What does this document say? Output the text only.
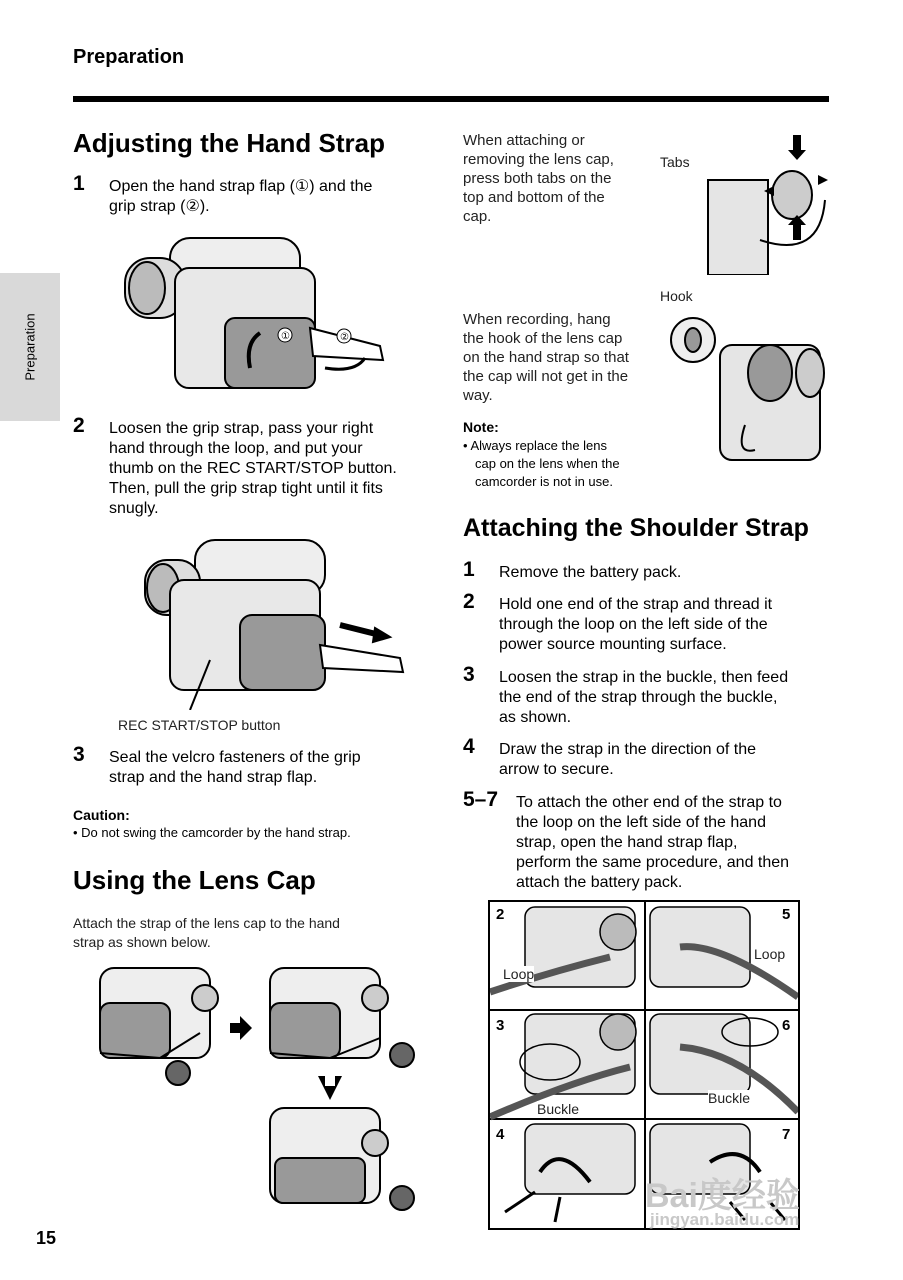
Preparation
Preparation
Adjusting the Hand Strap
1 Open the hand strap flap (①) and the
grip strap (②).
①	②
2 Loosen the grip strap, pass your right
hand through the loop, and put your
thumb on the REC START/STOP button.
Then, pull the grip strap tight until it fits
snugly.
REC START/STOP button
3 Seal the velcro fasteners of the grip
strap and the hand strap flap.
Caution:
• Do not swing the camcorder by the hand strap.
Using the Lens Cap
Attach the strap of the lens cap to the hand
strap as shown below.
When attaching or
removing the lens cap,
press both tabs on the
top and bottom of the
cap.
Tabs
Hook
When recording, hang
the hook of the lens cap
on the hand strap so that
the cap will not get in the
way.
Note:
• Always replace the lens
cap on the lens when the
camcorder is not in use.
Attaching the Shoulder Strap
1 Remove the battery pack.
2 Hold one end of the strap and thread it
through the loop on the left side of the
power source mounting surface.
3 Loosen the strap in the buckle, then feed
the end of the strap through the buckle,
as shown.
4 Draw the strap in the direction of the
arrow to secure.
5–7 To attach the other end of the strap to
the loop on the left side of the hand
strap, open the hand strap flap,
perform the same procedure, and then
attach the battery pack.
2	5
3	6
4	7
Loop
Loop
Buckle
Buckle
Bai度经验
jingyan.baidu.com
15
